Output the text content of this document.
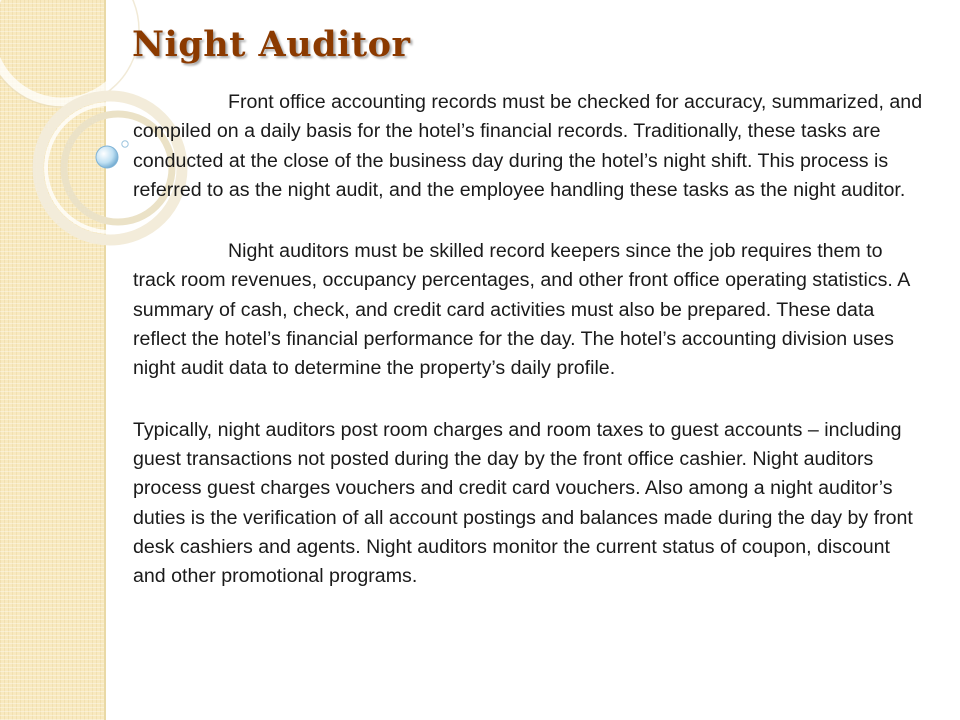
Night Auditor

Front office accounting records must be checked for accuracy, summarized, and compiled on a daily basis for the hotel’s financial records. Traditionally, these tasks are conducted at the close of the business day during the hotel’s night shift. This process is referred to as the night audit, and the employee handling these tasks as the night auditor.

Night auditors must be skilled record keepers since the job requires them to track room revenues, occupancy percentages, and other front office operating statistics. A summary of cash, check, and credit card activities must also be prepared. These data reflect the hotel’s financial performance for the day. The hotel’s accounting division uses night audit data to determine the property’s daily profile.

Typically, night auditors post room charges and room taxes to guest accounts – including guest transactions not posted during the day by the front office cashier. Night auditors process guest charges vouchers and credit card vouchers. Also among a night auditor’s duties is the verification of all account postings and balances made during the day by front desk cashiers and agents. Night auditors monitor the current status of coupon, discount and other promotional programs.
